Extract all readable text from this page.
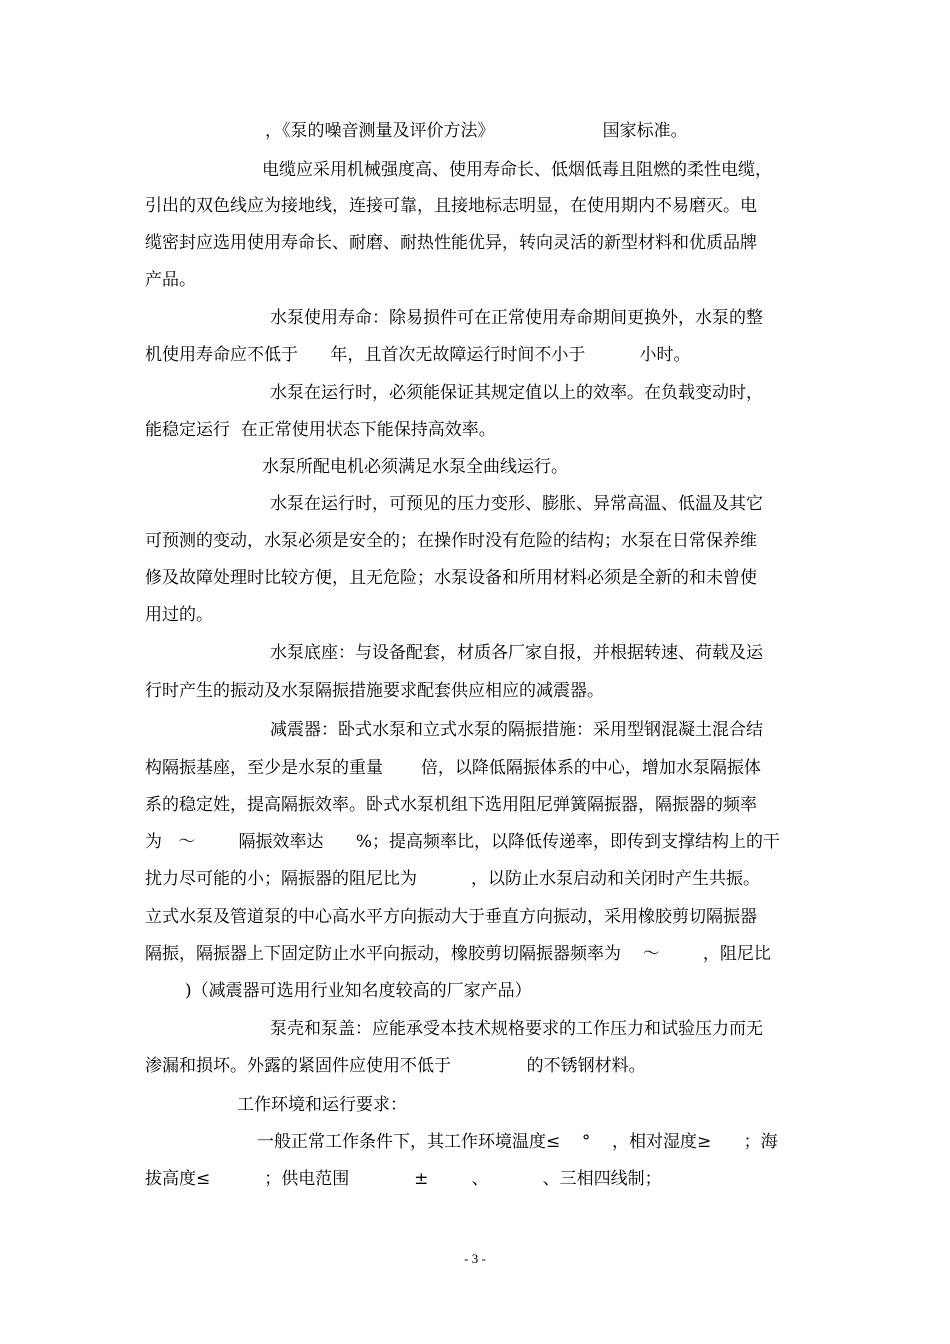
，《泵的噪音测量及评价方法》                    国家标准。
电缆应采用机械强度高、使用寿命长、低烟低毒且阻燃的柔性电缆，
引出的双色线应为接地线，连接可靠，且接地标志明显，在使用期内不易磨灭。电
缆密封应选用使用寿命长、耐磨、耐热性能优异，转向灵活的新型材料和优质品牌
产品。
水泵使用寿命：除易损件可在正常使用寿命期间更换外，水泵的整
机使用寿命应不低于      年，且首次无故障运行时间不小于          小时。
水泵在运行时，必须能保证其规定值以上的效率。在负载变动时，
能稳定运行  在正常使用状态下能保持高效率。
水泵所配电机必须满足水泵全曲线运行。
水泵在运行时，可预见的压力变形、膨胀、异常高温、低温及其它
可预测的变动，水泵必须是安全的；在操作时没有危险的结构；水泵在日常保养维
修及故障处理时比较方便，且无危险；水泵设备和所用材料必须是全新的和未曾使
用过的。
水泵底座：与设备配套，材质各厂家自报，并根据转速、荷载及运
行时产生的振动及水泵隔振措施要求配套供应相应的减震器。
减震器：卧式水泵和立式水泵的隔振措施：采用型钢混凝土混合结
构隔振基座，至少是水泵的重量       倍，以降低隔振体系的中心，增加水泵隔振体
系的稳定姓，提高隔振效率。卧式水泵机组下选用阻尼弹簧隔振器，隔振器的频率
为   ～        隔振效率达      %；提高频率比，以降低传递率，即传到支撑结构上的干
扰力尽可能的小；隔振器的阻尼比为          ，以防止水泵启动和关闭时产生共振。
立式水泵及管道泵的中心高水平方向振动大于垂直方向振动，采用橡胶剪切隔振器
隔振，隔振器上下固定防止水平向振动，橡胶剪切隔振器频率为    ～        ，阻尼比
)（减震器可选用行业知名度较高的厂家产品）
泵壳和泵盖：应能承受本技术规格要求的工作压力和试验压力而无
渗漏和损坏。外露的紧固件应使用不低于              的不锈钢材料。
工作环境和运行要求：
一般正常工作条件下，其工作环境温度≤    °    ，相对湿度≥      ；海
拔高度≤          ；供电范围            ±        、          、三相四线制；
- 3 -
